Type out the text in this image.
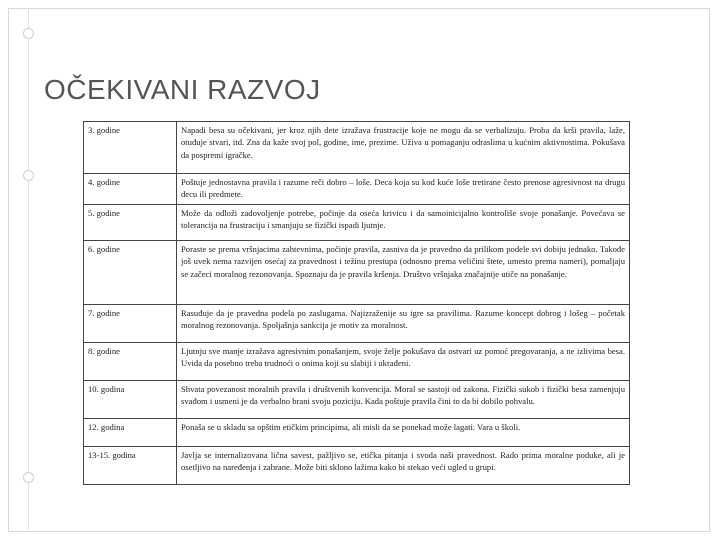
OČEKIVANI RAZVOJ
3. godine	Napadi besa su očekivani, jer kroz njih dete izražava frustracije koje ne mogu da se verbalizuju. Proba da krši pravila, laže, otuđuje stvari, itd. Zna da kaže svoj pol, godine, ime, prezime. Uživa u pomaganju odraslima u kućnim aktivnostima. Pokušava da pospremi igračke.
4. godine	Poštuje jednostavna pravila i razume reči dobro – loše. Deca koja su kod kuće loše tretirane često prenose agresivnost na drugu decu ili predmete.
5. godine	Može da odloži zadovoljenje potrebe, počinje da oseća krivicu i da samoinicijalno kontroliše svoje ponašanje. Povećava se tolerancija na frustraciju i smanjuju se fizički ispadi ljutnje.
6. godine	Poraste se prema vršnjacima zahtevnima, počinje pravila, zasniva da je pravedno da prilikom podele svi dobiju jednako. Takođe još uvek nema razvijen osećaj za pravednost i težinu prestupa (odnosno prema veličini štete, umesto prema nameri), pomaljaju se začeci moralnog rezonovanja. Spoznaju da je pravila kršenja. Društvo vršnjaka značajnije utiče na ponašanje.
7. godine	Rasuđuje da je pravedna podela po zaslugama. Najizraženije su igre sa pravilima. Razume koncept dobrog i lošeg – početak moralnog rezonovanja. Spoljašnja sankcija je motiv za moralnost.
8. godine	Ljutnju sve manje izražava agresivnim ponašanjem, svoje želje pokušava da ostvari uz pomoć pregovaranja, a ne izlivima besa. Uviđa da posebno treba trudnoći o onima koji su slabiji i ukrađeni.
10. godina	Shvata povezanost moralnih pravila i društvenih konvencija. Moral se sastoji od zakona. Fizički sukob i fizički besa zamenjuju svađom i usmeni je da verbalno brani svoju poziciju. Kada poštuje pravila čini to da bi dobilo pohvalu.
12. godina	Ponaša se u skladu sa opštim etičkim principima, ali misli da se ponekad može lagati. Vara u školi.
13-15. godina	Javlja se internalizovana lična savest, pažljivo se, etička pitanja i svoda naši pravednost. Rado prima moralne poduke, ali je osetljivo na naređenja i zabrane. Može biti sklono lažima kako bi stekao veći ugled u grupi.
